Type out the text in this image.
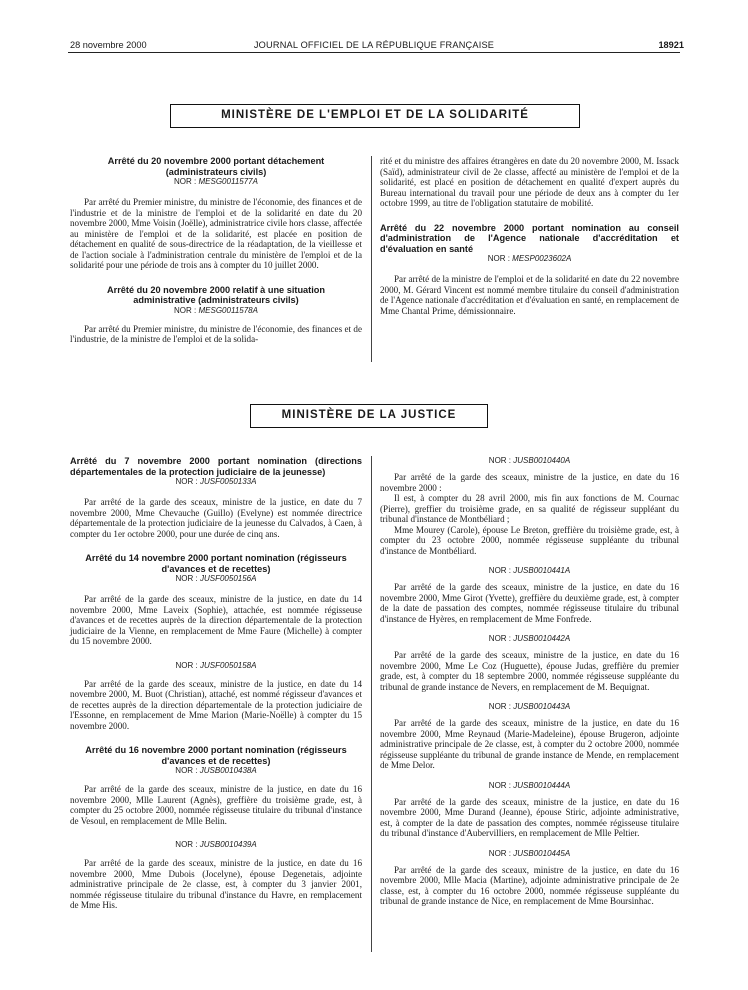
28 novembre 2000	JOURNAL OFFICIEL DE LA RÉPUBLIQUE FRANÇAISE	18921
MINISTÈRE DE L'EMPLOI ET DE LA SOLIDARITÉ
Arrêté du 20 novembre 2000 portant détachement (administrateurs civils)
NOR : MESG0011577A

Par arrêté du Premier ministre, du ministre de l'économie, des finances et de l'industrie et de la ministre de l'emploi et de la solidarité en date du 20 novembre 2000, Mme Voisin (Joëlle), administratrice civile hors classe, affectée au ministère de l'emploi et de la solidarité, est placée en position de détachement en qualité de sous-directrice de la réadaptation, de la vieillesse et de l'action sociale à l'administration centrale du ministère de l'emploi et de la solidarité pour une période de trois ans à compter du 10 juillet 2000.

Arrêté du 20 novembre 2000 relatif à une situation administrative (administrateurs civils)
NOR : MESG0011578A

Par arrêté du Premier ministre, du ministre de l'économie, des finances et de l'industrie, de la ministre de l'emploi et de la solida-

rité et du ministre des affaires étrangères en date du 20 novembre 2000, M. Issack (Saïd), administrateur civil de 2e classe, affecté au ministère de l'emploi et de la solidarité, est placé en position de détachement en qualité d'expert auprès du Bureau international du travail pour une période de deux ans à compter du 1er octobre 1999, au titre de l'obligation statutaire de mobilité.

Arrêté du 22 novembre 2000 portant nomination au conseil d'administration de l'Agence nationale d'accréditation et d'évaluation en santé
NOR : MESP0023602A

Par arrêté de la ministre de l'emploi et de la solidarité en date du 22 novembre 2000, M. Gérard Vincent est nommé membre titulaire du conseil d'administration de l'Agence nationale d'accréditation et d'évaluation en santé, en remplacement de Mme Chantal Prime, démissionnaire.

MINISTÈRE DE LA JUSTICE
Arrêté du 7 novembre 2000 portant nomination (directions départementales de la protection judiciaire de la jeunesse)
NOR : JUSF0050133A

Par arrêté de la garde des sceaux, ministre de la justice, en date du 7 novembre 2000, Mme Chevauche (Guillo) (Evelyne) est nommée directrice départementale de la protection judiciaire de la jeunesse du Calvados, à Caen, à compter du 1er octobre 2000, pour une durée de cinq ans.

Arrêté du 14 novembre 2000 portant nomination (régisseurs d'avances et de recettes)
NOR : JUSF0050156A

Par arrêté de la garde des sceaux, ministre de la justice, en date du 14 novembre 2000, Mme Laveix (Sophie), attachée, est nommée régisseuse d'avances et de recettes auprès de la direction départementale de la protection judiciaire de la Vienne, en remplacement de Mme Faure (Michelle) à compter du 15 novembre 2000.

NOR : JUSF0050158A

Par arrêté de la garde des sceaux, ministre de la justice, en date du 14 novembre 2000, M. Buot (Christian), attaché, est nommé régisseur d'avances et de recettes auprès de la direction départementale de la protection judiciaire de l'Essonne, en remplacement de Mme Marion (Marie-Noëlle) à compter du 15 novembre 2000.

Arrêté du 16 novembre 2000 portant nomination (régisseurs d'avances et de recettes)
NOR : JUSB0010438A

Par arrêté de la garde des sceaux, ministre de la justice, en date du 16 novembre 2000, Mlle Laurent (Agnès), greffière du troisième grade, est, à compter du 25 octobre 2000, nommée régisseuse titulaire du tribunal d'instance de Vesoul, en remplacement de Mlle Belin.

NOR : JUSB0010439A

Par arrêté de la garde des sceaux, ministre de la justice, en date du 16 novembre 2000, Mme Dubois (Jocelyne), épouse Degenetais, adjointe administrative principale de 2e classe, est, à compter du 3 janvier 2001, nommée régisseuse titulaire du tribunal d'instance du Havre, en remplacement de Mme His.

NOR : JUSB0010440A

Par arrêté de la garde des sceaux, ministre de la justice, en date du 16 novembre 2000 :

Il est, à compter du 28 avril 2000, mis fin aux fonctions de M. Cournac (Pierre), greffier du troisième grade, en sa qualité de régisseur suppléant du tribunal d'instance de Montbéliard ;

Mme Mourey (Carole), épouse Le Breton, greffière du troisième grade, est, à compter du 23 octobre 2000, nommée régisseuse suppléante du tribunal d'instance de Montbéliard.

NOR : JUSB0010441A

Par arrêté de la garde des sceaux, ministre de la justice, en date du 16 novembre 2000, Mme Girot (Yvette), greffière du deuxième grade, est, à compter de la date de passation des comptes, nommée régisseuse titulaire du tribunal d'instance de Hyères, en remplacement de Mme Fonfrede.

NOR : JUSB0010442A

Par arrêté de la garde des sceaux, ministre de la justice, en date du 16 novembre 2000, Mme Le Coz (Huguette), épouse Judas, greffière du premier grade, est, à compter du 18 septembre 2000, nommée régisseuse suppléante du tribunal de grande instance de Nevers, en remplacement de M. Bequignat.

NOR : JUSB0010443A

Par arrêté de la garde des sceaux, ministre de la justice, en date du 16 novembre 2000, Mme Reynaud (Marie-Madeleine), épouse Brugeron, adjointe administrative principale de 2e classe, est, à compter du 2 octobre 2000, nommée régisseuse suppléante du tribunal de grande instance de Mende, en remplacement de Mme Delor.

NOR : JUSB0010444A

Par arrêté de la garde des sceaux, ministre de la justice, en date du 16 novembre 2000, Mme Durand (Jeanne), épouse Stiric, adjointe administrative, est, à compter de la date de passation des comptes, nommée régisseuse titulaire du tribunal d'instance d'Aubervilliers, en remplacement de Mlle Peltier.

NOR : JUSB0010445A

Par arrêté de la garde des sceaux, ministre de la justice, en date du 16 novembre 2000, Mlle Macia (Martine), adjointe administrative principale de 2e classe, est, à compter du 16 octobre 2000, nommée régisseuse suppléante du tribunal de grande instance de Nice, en remplacement de Mme Boursinhac.
